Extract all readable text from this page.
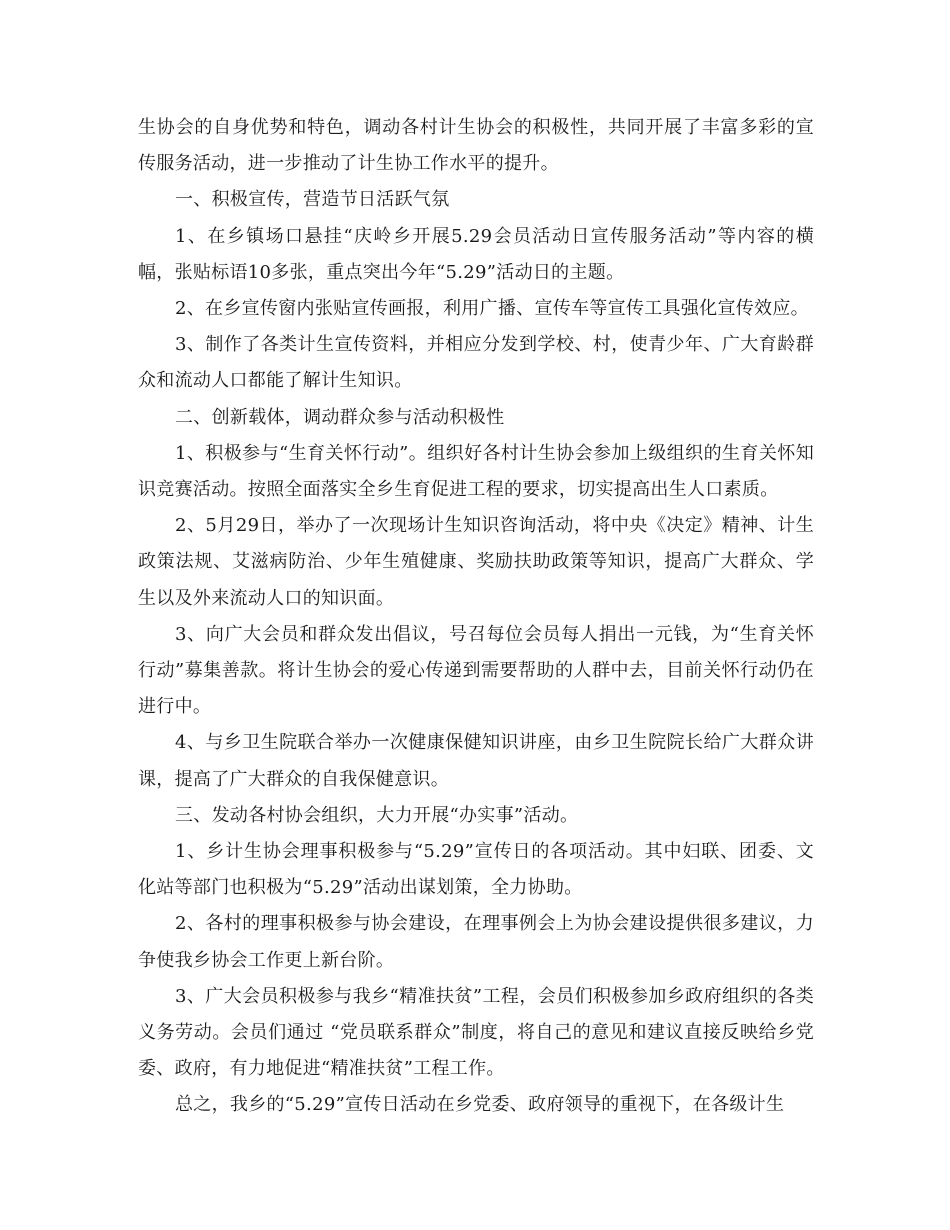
生协会的自身优势和特色，调动各村计生协会的积极性，共同开展了丰富多彩的宣传服务活动，进一步推动了计生协工作水平的提升。

一、积极宣传，营造节日活跃气氛

1、在乡镇场口悬挂“庆岭乡开展5.29会员活动日宣传服务活动”等内容的横幅，张贴标语10多张，重点突出今年“5.29”活动日的主题。

2、在乡宣传窗内张贴宣传画报，利用广播、宣传车等宣传工具强化宣传效应。

3、制作了各类计生宣传资料，并相应分发到学校、村，使青少年、广大育龄群众和流动人口都能了解计生知识。

二、创新载体，调动群众参与活动积极性

1、积极参与“生育关怀行动”。组织好各村计生协会参加上级组织的生育关怀知识竞赛活动。按照全面落实全乡生育促进工程的要求，切实提高出生人口素质。

2、5月29日，举办了一次现场计生知识咨询活动，将中央《决定》精神、计生政策法规、艾滋病防治、少年生殖健康、奖励扶助政策等知识，提高广大群众、学生以及外来流动人口的知识面。

3、向广大会员和群众发出倡议，号召每位会员每人捐出一元钱，为“生育关怀行动”募集善款。将计生协会的爱心传递到需要帮助的人群中去，目前关怀行动仍在进行中。

4、与乡卫生院联合举办一次健康保健知识讲座，由乡卫生院院长给广大群众讲课，提高了广大群众的自我保健意识。

三、发动各村协会组织，大力开展“办实事”活动。

1、乡计生协会理事积极参与“5.29”宣传日的各项活动。其中妇联、团委、文化站等部门也积极为“5.29”活动出谋划策，全力协助。

2、各村的理事积极参与协会建设，在理事例会上为协会建设提供很多建议，力争使我乡协会工作更上新台阶。

3、广大会员积极参与我乡“精准扶贫”工程，会员们积极参加乡政府组织的各类义务劳动。会员们通过 “党员联系群众”制度，将自己的意见和建议直接反映给乡党委、政府，有力地促进“精准扶贫”工程工作。

总之，我乡的“5.29”宣传日活动在乡党委、政府领导的重视下，在各级计生
